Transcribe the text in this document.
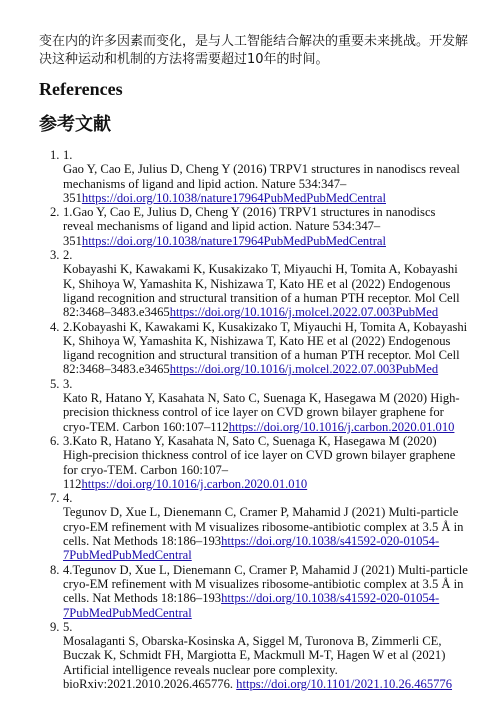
变在内的许多因素而变化，是与人工智能结合解决的重要未来挑战。开发解决这种运动和机制的方法将需要超过10年的时间。

References
参考文献
1. 1.
Gao Y, Cao E, Julius D, Cheng Y (2016) TRPV1 structures in nanodiscs reveal mechanisms of ligand and lipid action. Nature 534:347–351https://doi.org/10.1038/nature17964PubMedPubMedCentral
2. 1.Gao Y, Cao E, Julius D, Cheng Y (2016) TRPV1 structures in nanodiscs reveal mechanisms of ligand and lipid action. Nature 534:347–351https://doi.org/10.1038/nature17964PubMedPubMedCentral
3. 2.
Kobayashi K, Kawakami K, Kusakizako T, Miyauchi H, Tomita A, Kobayashi K, Shihoya W, Yamashita K, Nishizawa T, Kato HE et al (2022) Endogenous ligand recognition and structural transition of a human PTH receptor. Mol Cell 82:3468–3483.e3465https://doi.org/10.1016/j.molcel.2022.07.003PubMed
4. 2.Kobayashi K, Kawakami K, Kusakizako T, Miyauchi H, Tomita A, Kobayashi K, Shihoya W, Yamashita K, Nishizawa T, Kato HE et al (2022) Endogenous ligand recognition and structural transition of a human PTH receptor. Mol Cell 82:3468–3483.e3465https://doi.org/10.1016/j.molcel.2022.07.003PubMed
5. 3.
Kato R, Hatano Y, Kasahata N, Sato C, Suenaga K, Hasegawa M (2020) High-precision thickness control of ice layer on CVD grown bilayer graphene for cryo-TEM. Carbon 160:107–112https://doi.org/10.1016/j.carbon.2020.01.010
6. 3.Kato R, Hatano Y, Kasahata N, Sato C, Suenaga K, Hasegawa M (2020) High-precision thickness control of ice layer on CVD grown bilayer graphene for cryo-TEM. Carbon 160:107–112https://doi.org/10.1016/j.carbon.2020.01.010
7. 4.
Tegunov D, Xue L, Dienemann C, Cramer P, Mahamid J (2021) Multi-particle cryo-EM refinement with M visualizes ribosome-antibiotic complex at 3.5 Å in cells. Nat Methods 18:186–193https://doi.org/10.1038/s41592-020-01054-7PubMedPubMedCentral
8. 4.Tegunov D, Xue L, Dienemann C, Cramer P, Mahamid J (2021) Multi-particle cryo-EM refinement with M visualizes ribosome-antibiotic complex at 3.5 Å in cells. Nat Methods 18:186–193https://doi.org/10.1038/s41592-020-01054-7PubMedPubMedCentral
9. 5.
Mosalaganti S, Obarska-Kosinska A, Siggel M, Turonova B, Zimmerli CE, Buczak K, Schmidt FH, Margiotta E, Mackmull M-T, Hagen W et al (2021) Artificial intelligence reveals nuclear pore complexity. bioRxiv:2021.2010.2026.465776. https://doi.org/10.1101/2021.10.26.465776
